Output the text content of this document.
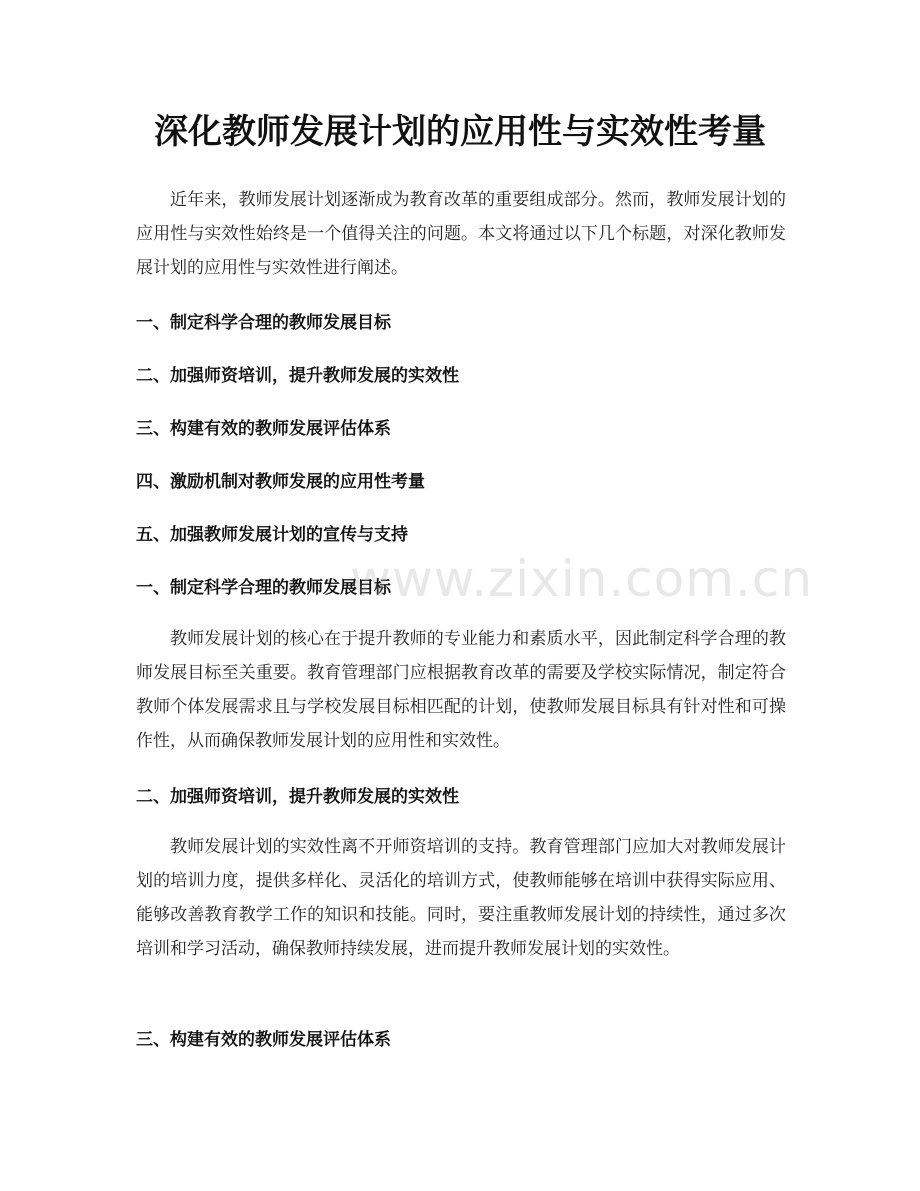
深化教师发展计划的应用性与实效性考量

近年来，教师发展计划逐渐成为教育改革的重要组成部分。然而，教师发展计划的应用性与实效性始终是一个值得关注的问题。本文将通过以下几个标题，对深化教师发展计划的应用性与实效性进行阐述。

一、制定科学合理的教师发展目标
二、加强师资培训，提升教师发展的实效性
三、构建有效的教师发展评估体系
四、激励机制对教师发展的应用性考量
五、加强教师发展计划的宣传与支持
一、制定科学合理的教师发展目标

教师发展计划的核心在于提升教师的专业能力和素质水平，因此制定科学合理的教师发展目标至关重要。教育管理部门应根据教育改革的需要及学校实际情况，制定符合教师个体发展需求且与学校发展目标相匹配的计划，使教师发展目标具有针对性和可操作性，从而确保教师发展计划的应用性和实效性。

二、加强师资培训，提升教师发展的实效性

教师发展计划的实效性离不开师资培训的支持。教育管理部门应加大对教师发展计划的培训力度，提供多样化、灵活化的培训方式，使教师能够在培训中获得实际应用、能够改善教育教学工作的知识和技能。同时，要注重教师发展计划的持续性，通过多次培训和学习活动，确保教师持续发展，进而提升教师发展计划的实效性。

三、构建有效的教师发展评估体系
www.zixin.com.cn
